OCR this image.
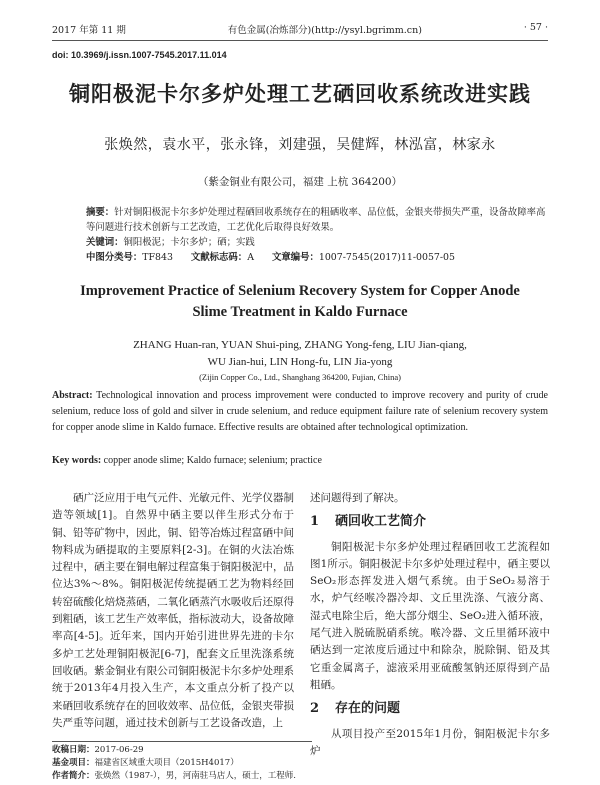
2017 年第 11 期	有色金属(冶炼部分)(http://ysyl.bgrimm.cn)	· 57 ·
doi: 10.3969/j.issn.1007-7545.2017.11.014
铜阳极泥卡尔多炉处理工艺硒回收系统改进实践
张焕然，袁水平，张永锋，刘建强，吴健辉，林泓富，林家永
（紫金铜业有限公司，福建 上杭 364200）
摘要：针对铜阳极泥卡尔多炉处理过程硒回收系统存在的粗硒收率、品位低，金银夹带损失严重，设备故障率高等问题进行技术创新与工艺改造，工艺优化后取得良好效果。
关键词：铜阳极泥；卡尔多炉；硒；实践
中图分类号：TF843 文献标志码：A 文章编号：1007-7545(2017)11-0057-05
Improvement Practice of Selenium Recovery System for Copper Anode
Slime Treatment in Kaldo Furnace
ZHANG Huan-ran, YUAN Shui-ping, ZHANG Yong-feng, LIU Jian-qiang,
WU Jian-hui, LIN Hong-fu, LIN Jia-yong
(Zijin Copper Co., Ltd., Shanghang 364200, Fujian, China)
Abstract: Technological innovation and process improvement were conducted to improve recovery and purity of crude selenium, reduce loss of gold and silver in crude selenium, and reduce equipment failure rate of selenium recovery system for copper anode slime in Kaldo furnace. Effective results are obtained after technological optimization.
Key words: copper anode slime; Kaldo furnace; selenium; practice

硒广泛应用于电气元件、光敏元件、光学仪器制造等领域[1]。自然界中硒主要以伴生形式分布于铜、铅等矿物中，因此，铜、铅等冶炼过程富硒中间物料成为硒提取的主要原料[2-3]。在铜的火法冶炼过程中，硒主要在铜电解过程富集于铜阳极泥中，品位达3%～8%。铜阳极泥传统提硒工艺为物料经回转窑硫酸化焙烧蒸硒，二氧化硒蒸汽水吸收后还原得到粗硒，该工艺生产效率低，指标波动大，设备故障率高[4-5]。近年来，国内开始引进世界先进的卡尔多炉工艺处理铜阳极泥[6-7]，配套文丘里洗涤系统回收硒。紫金铜业有限公司铜阳极泥卡尔多炉处理系统于2013年4月投入生产，本文重点分析了投产以来硒回收系统存在的回收效率、品位低，金银夹带损失严重等问题，通过技术创新与工艺设备改造，上

述问题得到了解决。

1 硒回收工艺简介

铜阳极泥卡尔多炉处理过程硒回收工艺流程如图1所示。铜阳极泥卡尔多炉处理过程中，硒主要以SeO₂形态挥发进入烟气系统。由于SeO₂易溶于水，炉气经喉冷器冷却、文丘里洗涤、气液分离、湿式电除尘后，绝大部分烟尘、SeO₂进入循环液，尾气进入脱硫脱硝系统。喉冷器、文丘里循环液中硒达到一定浓度后通过中和除杂，脱除铜、铅及其它重金属离子，滤液采用亚硫酸氢钠还原得到产品粗硒。

2 存在的问题

从项目投产至2015年1月份，铜阳极泥卡尔多炉

收稿日期：2017-06-29
基金项目：福建省区域重大项目（2015H4017）
作者简介：张焕然（1987-），男，河南驻马店人，硕士，工程师.
